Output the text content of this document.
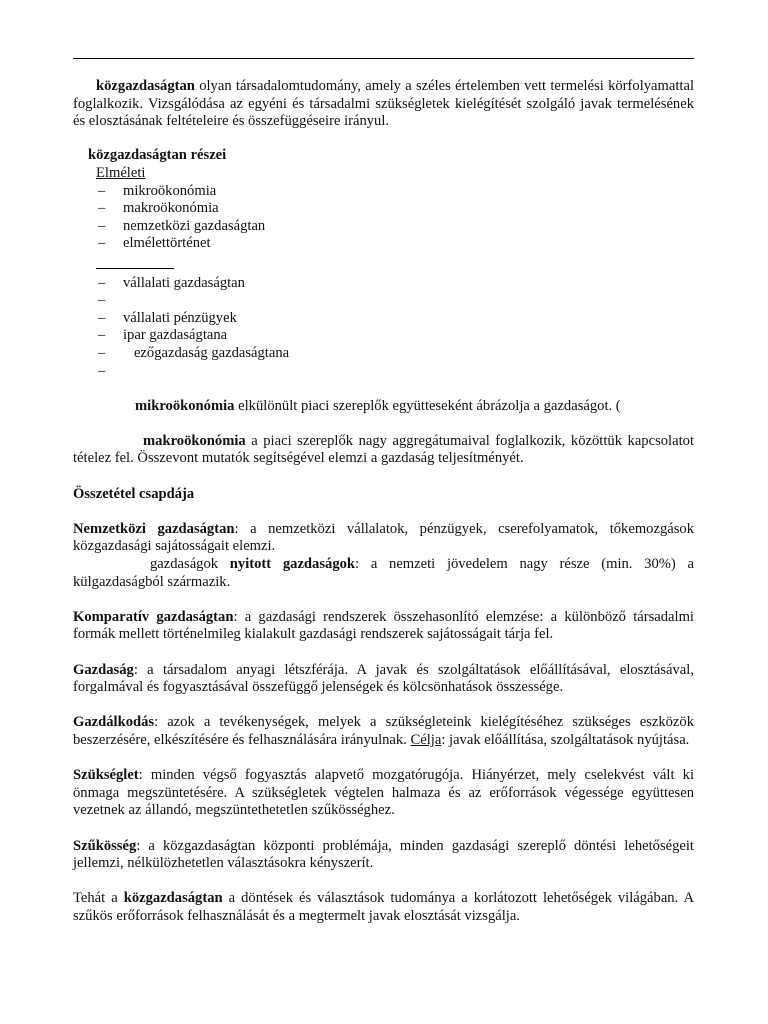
közgazdaságtan olyan társadalomtudomány, amely a széles értelemben vett termelési körfolyamattal foglalkozik. Vizsgálódása az egyéni és társadalmi szükségletek kielégítését szolgáló javak termelésének és elosztásának feltételeire és összefüggéseire irányul.

közgazdaságtan részei
Elméleti
–
mikroökonómia
–
makroökonómia
–
nemzetközi gazdaságtan
–
elmélettörténet
–
vállalati gazdaságtan
–
–
vállalati pénzügyek
–
ipar gazdaságtana
–
ezőgazdaság gazdaságtana
–

mikroökonómia elkülönült piaci szereplők együtteseként ábrázolja a gazdaságot. (

makroökonómia a piaci szereplők nagy aggregátumaival foglalkozik, közöttük kapcsolatot tételez fel. Összevont mutatók segítségével elemzi a gazdaság teljesítményét.

Összetétel csapdája

Nemzetközi gazdaságtan: a nemzetközi vállalatok, pénzügyek, cserefolyamatok, tőkemozgások közgazdasági sajátosságait elemzi.

gazdaságok nyitott gazdaságok: a nemzeti jövedelem nagy része (min. 30%) a külgazdaságból származik.

Komparatív gazdaságtan: a gazdasági rendszerek összehasonlító elemzése: a különböző társadalmi formák mellett történelmileg kialakult gazdasági rendszerek sajátosságait tárja fel.

Gazdaság: a társadalom anyagi létszférája. A javak és szolgáltatások előállításával, elosztásával, forgalmával és fogyasztásával összefüggő jelenségek és kölcsönhatások összessége.

Gazdálkodás: azok a tevékenységek, melyek a szükségleteink kielégítéséhez szükséges eszközök beszerzésére, elkészítésére és felhasználására irányulnak. Célja: javak előállítása, szolgáltatások nyújtása.

Szükséglet: minden végső fogyasztás alapvető mozgatórugója. Hiányérzet, mely cselekvést vált ki önmaga megszüntetésére. A szükségletek végtelen halmaza és az erőforrások végessége együttesen vezetnek az állandó, megszüntethetetlen szűkösséghez.

Szűkösség: a közgazdaságtan központi problémája, minden gazdasági szereplő döntési lehetőségeit jellemzi, nélkülözhetetlen választásokra kényszerít.

Tehát a közgazdaságtan a döntések és választások tudománya a korlátozott lehetőségek világában. A szűkös erőforrások felhasználását és a megtermelt javak elosztását vizsgálja.
